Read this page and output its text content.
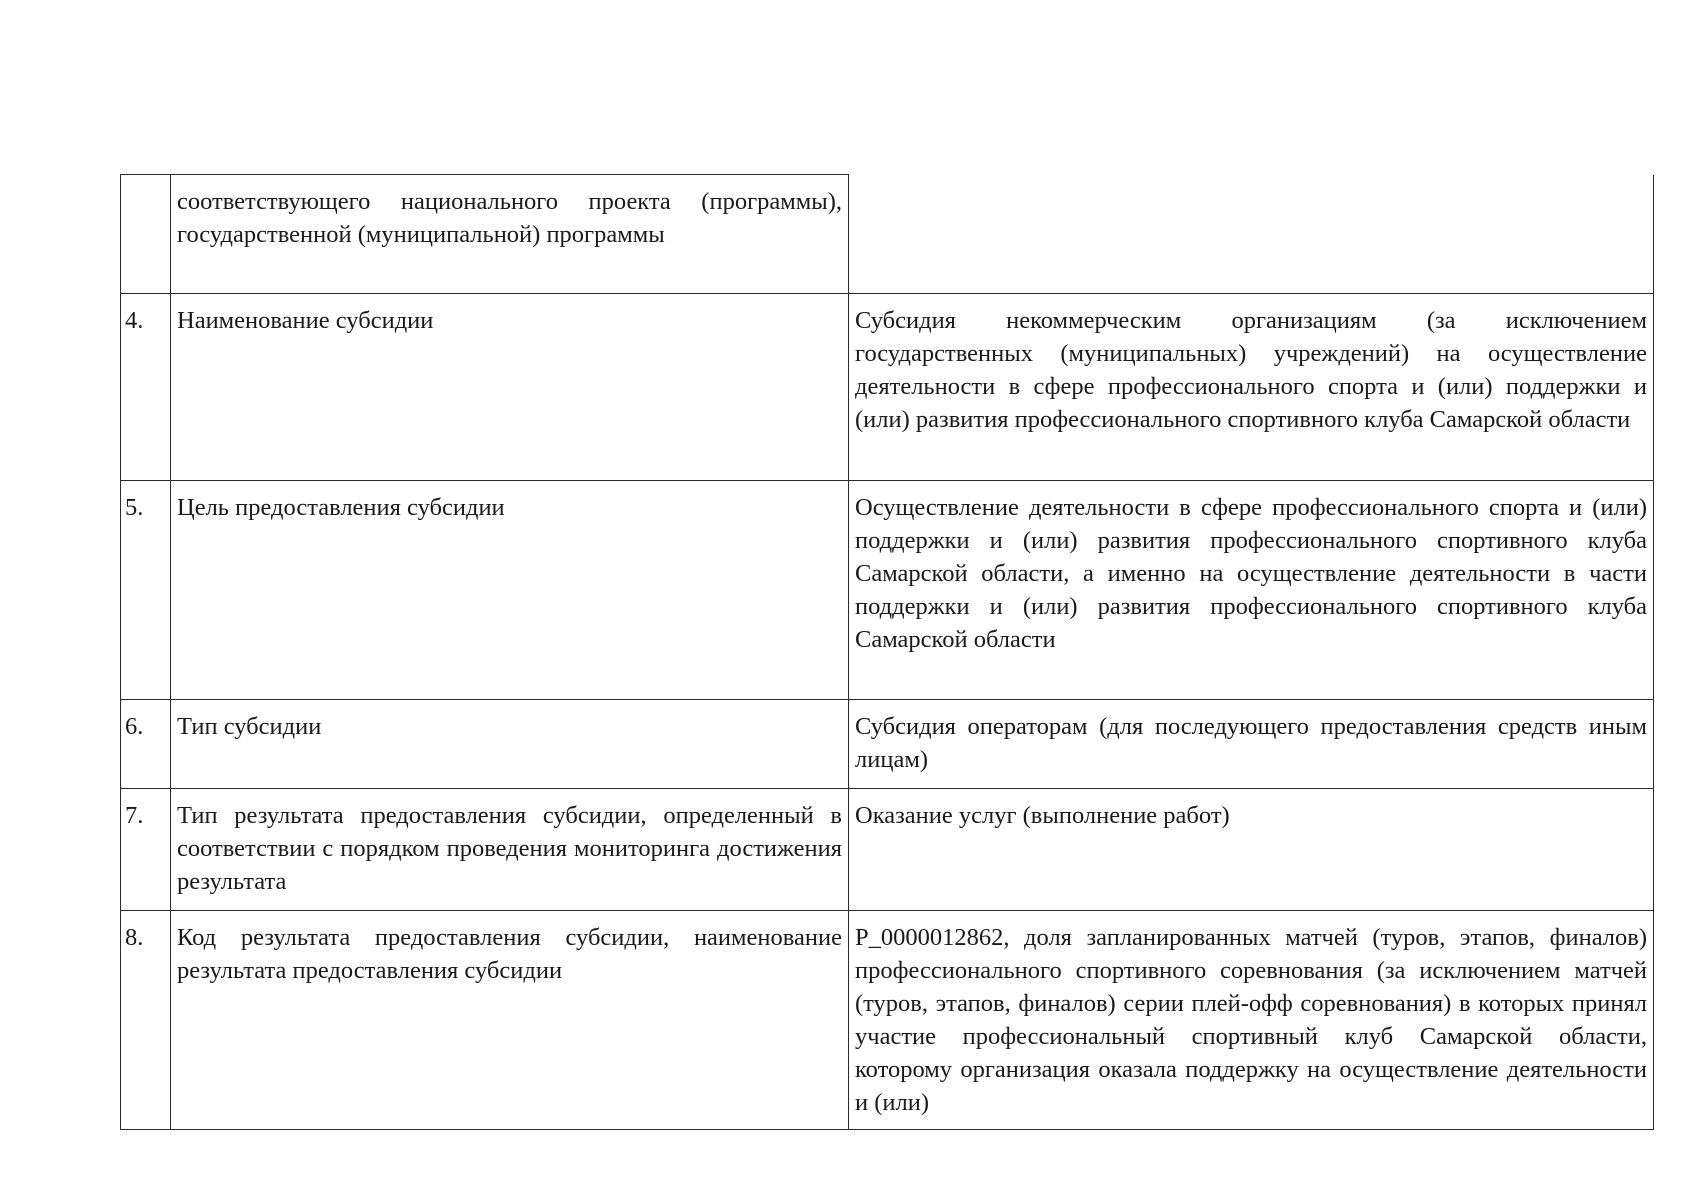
	соответствующего национального проекта (программы), государственной (муниципальной) программы	
4.	Наименование субсидии	Субсидия некоммерческим организациям (за исключением государственных (муниципальных) учреждений) на осуществление деятельности в сфере профессионального спорта и (или) поддержки и (или) развития профессионального спортивного клуба Самарской области
5.	Цель предоставления субсидии	Осуществление деятельности в сфере профессионального спорта и (или) поддержки и (или) развития профессионального спортивного клуба Самарской области, а именно на осуществление деятельности в части поддержки и (или) развития профессионального спортивного клуба Самарской области
6.	Тип субсидии	Субсидия операторам (для последующего предоставления средств иным лицам)
7.	Тип результата предоставления субсидии, определенный в соответствии с порядком проведения мониторинга достижения результата	Оказание услуг (выполнение работ)
8.	Код результата предоставления субсидии, наименование результата предоставления субсидии	P_0000012862, доля запланированных матчей (туров, этапов, финалов) профессионального спортивного соревнования (за исключением матчей (туров, этапов, финалов) серии плей-офф соревнования) в которых принял участие профессиональный спортивный клуб Самарской области, которому организация оказала поддержку на осуществление деятельности и (или)
